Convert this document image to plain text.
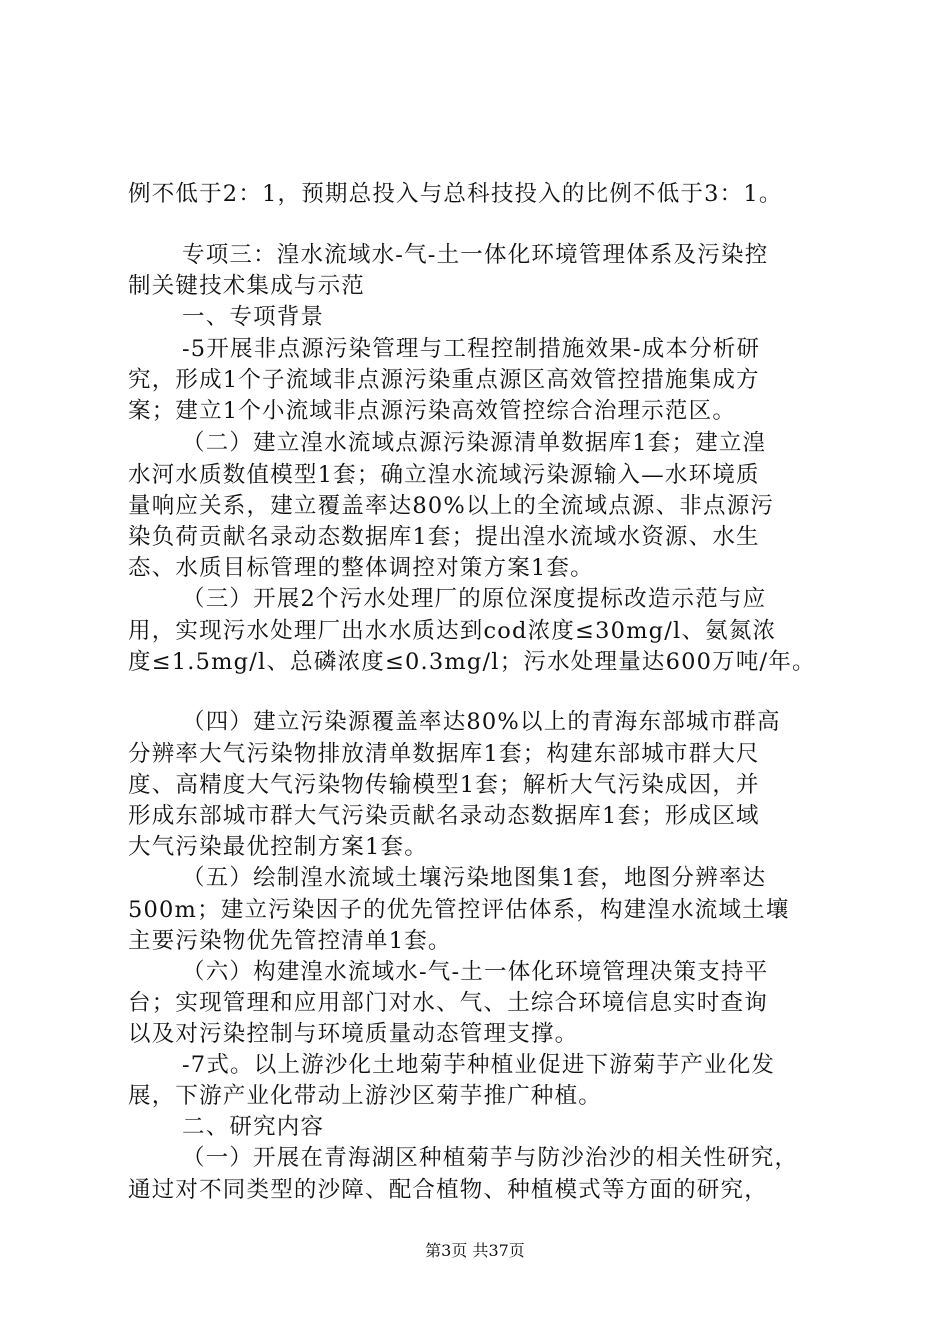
例不低于2：1，预期总投入与总科技投入的比例不低于3：1。
专项三：湟水流域水-气-土一体化环境管理体系及污染控
制关键技术集成与示范
一、专项背景
-5开展非点源污染管理与工程控制措施效果-成本分析研
究，形成1个子流域非点源污染重点源区高效管控措施集成方
案；建立1个小流域非点源污染高效管控综合治理示范区。
（二）建立湟水流域点源污染源清单数据库1套；建立湟
水河水质数值模型1套；确立湟水流域污染源输入—水环境质
量响应关系，建立覆盖率达80%以上的全流域点源、非点源污
染负荷贡献名录动态数据库1套；提出湟水流域水资源、水生
态、水质目标管理的整体调控对策方案1套。
（三）开展2个污水处理厂的原位深度提标改造示范与应
用，实现污水处理厂出水水质达到cod浓度≤30mg/l、氨氮浓
度≤1.5mg/l、总磷浓度≤0.3mg/l；污水处理量达600万吨/年。
（四）建立污染源覆盖率达80%以上的青海东部城市群高
分辨率大气污染物排放清单数据库1套；构建东部城市群大尺
度、高精度大气污染物传输模型1套；解析大气污染成因，并
形成东部城市群大气污染贡献名录动态数据库1套；形成区域
大气污染最优控制方案1套。
（五）绘制湟水流域土壤污染地图集1套，地图分辨率达
500m；建立污染因子的优先管控评估体系，构建湟水流域土壤
主要污染物优先管控清单1套。
（六）构建湟水流域水-气-土一体化环境管理决策支持平
台；实现管理和应用部门对水、气、土综合环境信息实时查询
以及对污染控制与环境质量动态管理支撑。
-7式。以上游沙化土地菊芋种植业促进下游菊芋产业化发
展，下游产业化带动上游沙区菊芋推广种植。
二、研究内容
（一）开展在青海湖区种植菊芋与防沙治沙的相关性研究，
通过对不同类型的沙障、配合植物、种植模式等方面的研究，
第3页 共37页
